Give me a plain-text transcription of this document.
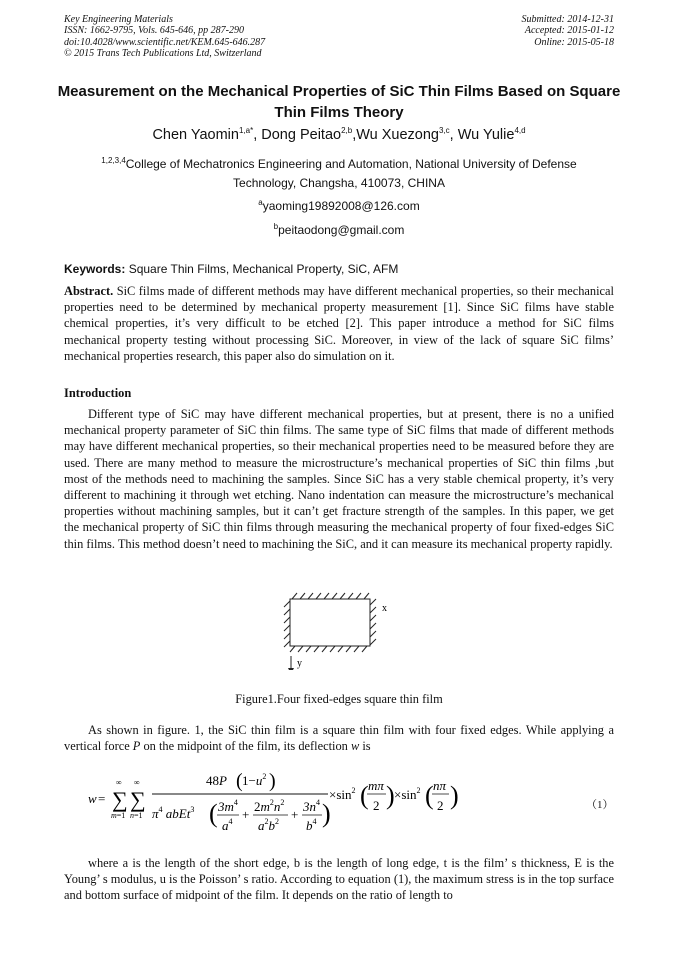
Key Engineering Materials
ISSN: 1662-9795, Vols. 645-646, pp 287-290
doi:10.4028/www.scientific.net/KEM.645-646.287
© 2015 Trans Tech Publications Ltd, Switzerland
Submitted: 2014-12-31
Accepted: 2015-01-12
Online: 2015-05-18
Measurement on the Mechanical Properties of SiC Thin Films Based on Square Thin Films Theory
Chen Yaomin$^{1,a*}$, Dong Peitao$^{2,b}$,Wu Xuezong$^{3,c}$, Wu Yulie$^{4,d}$
$^{1,2,3,4}$College of Mechatronics Engineering and Automation, National University of Defense Technology, Changsha, 410073, CHINA
$^a$yaoming19892008@126.com
$^b$peitaodong@gmail.com
Keywords: Square Thin Films, Mechanical Property, SiC, AFM
Abstract. SiC films made of different methods may have different mechanical properties, so their mechanical properties need to be determined by mechanical property measurement [1]. Since SiC films have stable chemical properties, it’s very difficult to be etched [2]. This paper introduce a method for SiC films mechanical property testing without processing SiC. Moreover, in view of the lack of square SiC films’ mechanical properties research, this paper also do simulation on it.
Introduction
Different type of SiC may have different mechanical properties, but at present, there is no a unified mechanical property parameter of SiC thin films. The same type of SiC films that made of different methods may have different mechanical properties, so their mechanical properties need to be measured before they are used. There are many method to measure the microstructure’s mechanical properties of SiC thin films ,but most of the methods need to machining the samples. Since SiC has a very stable chemical property, it’s very different to machining it through wet etching. Nano indentation can measure the microstructure’s mechanical properties without machining samples, but it can’t get fracture strength of the samples. In this paper, we get the mechanical property of SiC thin films through measuring the mechanical property of four fixed-edges SiC thin films. This method doesn’t need to machining the SiC, and it can measure its mechanical property rapidly.
x
y
Figure1.Four fixed-edges square thin film
As shown in figure. 1, the SiC thin film is a square thin film with four fixed edges. While applying a vertical force P on the midpoint of the film, its deflection w is
w = ∑
∞
m=1
∑
∞
n=1
48P ( $1-u^2$ )
$\pi^4$ abEt$^3$ ( $3m^4$
$a^4$ +
$2m^2n^2$
$a^2b^2$ +
$3n^4$
$b^4$ )
$\times\sin^2$ ( mπ
2 ) $\times\sin^2$ ( nπ
2 )	（1）
where a is the length of the short edge, b is the length of long edge, t is the film’ s thickness, E is the Young’ s modulus, u is the Poisson’ s ratio. According to equation (1), the maximum stress is in the top surface and bottom surface of midpoint of the film. It depends on the ratio of length to
